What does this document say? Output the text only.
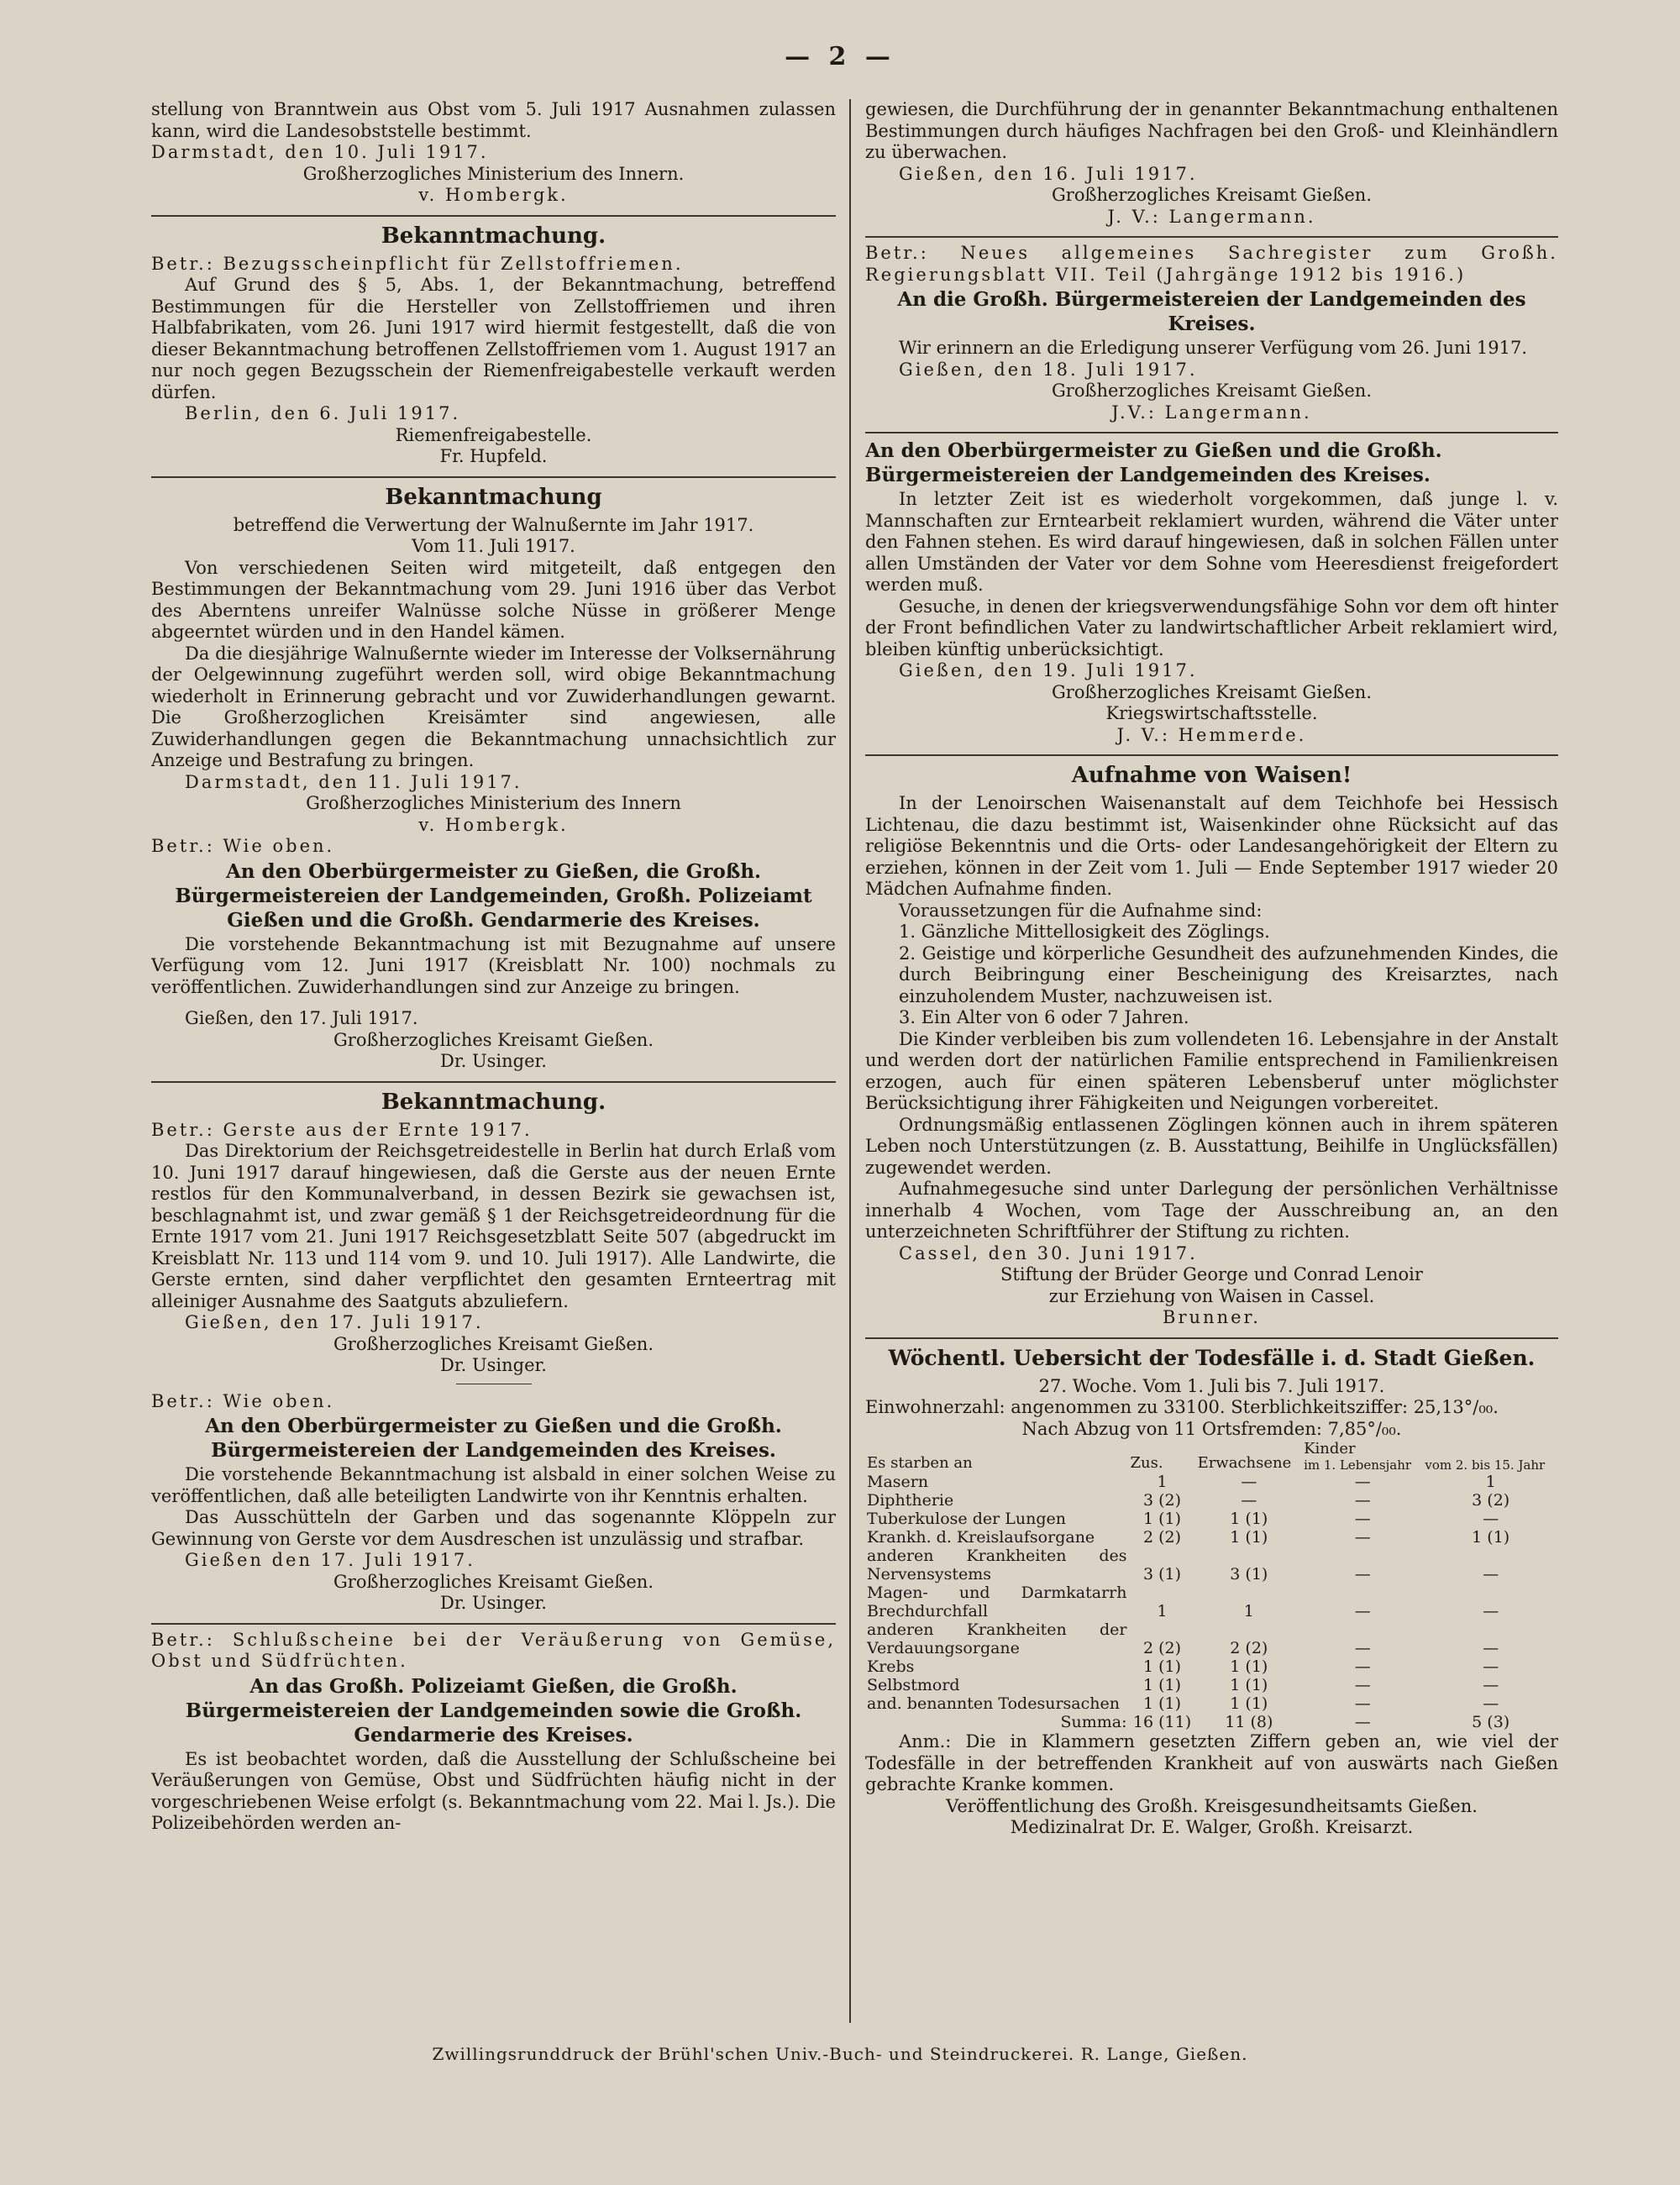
— 2 —

stellung von Branntwein aus Obst vom 5. Juli 1917 Ausnahmen zulassen kann, wird die Landesobststelle bestimmt.

Darmstadt, den 10. Juli 1917.

Großherzogliches Ministerium des Innern.

v. Hombergk.

Bekanntmachung.

Betr.: Bezugsscheinpflicht für Zellstoffriemen.

Auf Grund des § 5, Abs. 1, der Bekanntmachung, betreffend Bestimmungen für die Hersteller von Zellstoffriemen und ihren Halbfabrikaten, vom 26. Juni 1917 wird hiermit festgestellt, daß die von dieser Bekanntmachung betroffenen Zellstoffriemen vom 1. August 1917 an nur noch gegen Bezugsschein der Riemenfreigabestelle verkauft werden dürfen.

Berlin, den 6. Juli 1917.

Riemenfreigabestelle.

Fr. Hupfeld.

Bekanntmachung

betreffend die Verwertung der Walnußernte im Jahr 1917.

Vom 11. Juli 1917.

Von verschiedenen Seiten wird mitgeteilt, daß entgegen den Bestimmungen der Bekanntmachung vom 29. Juni 1916 über das Verbot des Aberntens unreifer Walnüsse solche Nüsse in größerer Menge abgeerntet würden und in den Handel kämen.

Da die diesjährige Walnußernte wieder im Interesse der Volksernährung der Oelgewinnung zugeführt werden soll, wird obige Bekanntmachung wiederholt in Erinnerung gebracht und vor Zuwiderhandlungen gewarnt. Die Großherzoglichen Kreisämter sind angewiesen, alle Zuwiderhandlungen gegen die Bekanntmachung unnachsichtlich zur Anzeige und Bestrafung zu bringen.

Darmstadt, den 11. Juli 1917.

Großherzogliches Ministerium des Innern

v. Hombergk.

Betr.: Wie oben.

An den Oberbürgermeister zu Gießen, die Großh. Bürgermeistereien der Landgemeinden, Großh. Polizeiamt Gießen und die Großh. Gendarmerie des Kreises.

Die vorstehende Bekanntmachung ist mit Bezugnahme auf unsere Verfügung vom 12. Juni 1917 (Kreisblatt Nr. 100) nochmals zu veröffentlichen. Zuwiderhandlungen sind zur Anzeige zu bringen.

Gießen, den 17. Juli 1917.

Großherzogliches Kreisamt Gießen.

Dr. Usinger.

Bekanntmachung.

Betr.: Gerste aus der Ernte 1917.

Das Direktorium der Reichsgetreidestelle in Berlin hat durch Erlaß vom 10. Juni 1917 darauf hingewiesen, daß die Gerste aus der neuen Ernte restlos für den Kommunalverband, in dessen Bezirk sie gewachsen ist, beschlagnahmt ist, und zwar gemäß § 1 der Reichsgetreideordnung für die Ernte 1917 vom 21. Juni 1917 Reichsgesetzblatt Seite 507 (abgedruckt im Kreisblatt Nr. 113 und 114 vom 9. und 10. Juli 1917). Alle Landwirte, die Gerste ernten, sind daher verpflichtet den gesamten Ernteertrag mit alleiniger Ausnahme des Saatguts abzuliefern.

Gießen, den 17. Juli 1917.

Großherzogliches Kreisamt Gießen.

Dr. Usinger.

Betr.: Wie oben.

An den Oberbürgermeister zu Gießen und die Großh. Bürgermeistereien der Landgemeinden des Kreises.

Die vorstehende Bekanntmachung ist alsbald in einer solchen Weise zu veröffentlichen, daß alle beteiligten Landwirte von ihr Kenntnis erhalten.

Das Ausschütteln der Garben und das sogenannte Klöppeln zur Gewinnung von Gerste vor dem Ausdreschen ist unzulässig und strafbar.

Gießen den 17. Juli 1917.

Großherzogliches Kreisamt Gießen.

Dr. Usinger.

Betr.: Schlußscheine bei der Veräußerung von Gemüse, Obst und Südfrüchten.

An das Großh. Polizeiamt Gießen, die Großh. Bürgermeistereien der Landgemeinden sowie die Großh. Gendarmerie des Kreises.

Es ist beobachtet worden, daß die Ausstellung der Schlußscheine bei Veräußerungen von Gemüse, Obst und Südfrüchten häufig nicht in der vorgeschriebenen Weise erfolgt (s. Bekanntmachung vom 22. Mai l. Js.). Die Polizeibehörden werden an-

gewiesen, die Durchführung der in genannter Bekanntmachung enthaltenen Bestimmungen durch häufiges Nachfragen bei den Groß- und Kleinhändlern zu überwachen.

Gießen, den 16. Juli 1917.

Großherzogliches Kreisamt Gießen.

J. V.: Langermann.

Betr.: Neues allgemeines Sachregister zum Großh. Regierungsblatt VII. Teil (Jahrgänge 1912 bis 1916.)

An die Großh. Bürgermeistereien der Landgemeinden des Kreises.

Wir erinnern an die Erledigung unserer Verfügung vom 26. Juni 1917.

Gießen, den 18. Juli 1917.

Großherzogliches Kreisamt Gießen.

J.V.: Langermann.

An den Oberbürgermeister zu Gießen und die Großh. Bürgermeistereien der Landgemeinden des Kreises.

In letzter Zeit ist es wiederholt vorgekommen, daß junge l. v. Mannschaften zur Erntearbeit reklamiert wurden, während die Väter unter den Fahnen stehen. Es wird darauf hingewiesen, daß in solchen Fällen unter allen Umständen der Vater vor dem Sohne vom Heeresdienst freigefordert werden muß.

Gesuche, in denen der kriegsverwendungsfähige Sohn vor dem oft hinter der Front befindlichen Vater zu landwirtschaftlicher Arbeit reklamiert wird, bleiben künftig unberücksichtigt.

Gießen, den 19. Juli 1917.

Großherzogliches Kreisamt Gießen.

Kriegswirtschaftsstelle.

J. V.: Hemmerde.

Aufnahme von Waisen!

In der Lenoirschen Waisenanstalt auf dem Teichhofe bei Hessisch Lichtenau, die dazu bestimmt ist, Waisenkinder ohne Rücksicht auf das religiöse Bekenntnis und die Orts- oder Landesangehörigkeit der Eltern zu erziehen, können in der Zeit vom 1. Juli — Ende September 1917 wieder 20 Mädchen Aufnahme finden.

Voraussetzungen für die Aufnahme sind:

1. Gänzliche Mittellosigkeit des Zöglings.

2. Geistige und körperliche Gesundheit des aufzunehmenden Kindes, die durch Beibringung einer Bescheinigung des Kreisarztes, nach einzuholendem Muster, nachzuweisen ist.

3. Ein Alter von 6 oder 7 Jahren.

Die Kinder verbleiben bis zum vollendeten 16. Lebensjahre in der Anstalt und werden dort der natürlichen Familie entsprechend in Familienkreisen erzogen, auch für einen späteren Lebensberuf unter möglichster Berücksichtigung ihrer Fähigkeiten und Neigungen vorbereitet.

Ordnungsmäßig entlassenen Zöglingen können auch in ihrem späteren Leben noch Unterstützungen (z. B. Ausstattung, Beihilfe in Unglücksfällen) zugewendet werden.

Aufnahmegesuche sind unter Darlegung der persönlichen Verhältnisse innerhalb 4 Wochen, vom Tage der Ausschreibung an, an den unterzeichneten Schriftführer der Stiftung zu richten.

Cassel, den 30. Juni 1917.

Stiftung der Brüder George und Conrad Lenoir

zur Erziehung von Waisen in Cassel.

Brunner.

Wöchentl. Uebersicht der Todesfälle i. d. Stadt Gießen.

27. Woche. Vom 1. Juli bis 7. Juli 1917.

Einwohnerzahl: angenommen zu 33100. Sterblichkeitsziffer: 25,13°/₀₀.

Nach Abzug von 11 Ortsfremden: 7,85°/₀₀.

Es starben an	Zus.	Erwachsene	Kinder	
			im 1. Lebensjahr	vom 2. bis 15. Jahr
Masern	1	—	—	1
Diphtherie	3 (2)	—	—	3 (2)
Tuberkulose der Lungen	1 (1)	1 (1)	—	—
Krankh. d. Kreislaufsorgane	2 (2)	1 (1)	—	1 (1)
anderen Krankheiten des Nervensystems	3 (1)	3 (1)	—	—
Magen- und Darmkatarrh Brechdurchfall	1	1	—	—
anderen Krankheiten der Verdauungsorgane	2 (2)	2 (2)	—	—
Krebs	1 (1)	1 (1)	—	—
Selbstmord	1 (1)	1 (1)	—	—
and. benannten Todesursachen	1 (1)	1 (1)	—	—
Summa:	16 (11)	11 (8)	—	5 (3)

Anm.: Die in Klammern gesetzten Ziffern geben an, wie viel der Todesfälle in der betreffenden Krankheit auf von auswärts nach Gießen gebrachte Kranke kommen.

Veröffentlichung des Großh. Kreisgesundheitsamts Gießen.

Medizinalrat Dr. E. Walger, Großh. Kreisarzt.

Zwillingsrunddruck der Brühl'schen Univ.-Buch- und Steindruckerei. R. Lange, Gießen.
